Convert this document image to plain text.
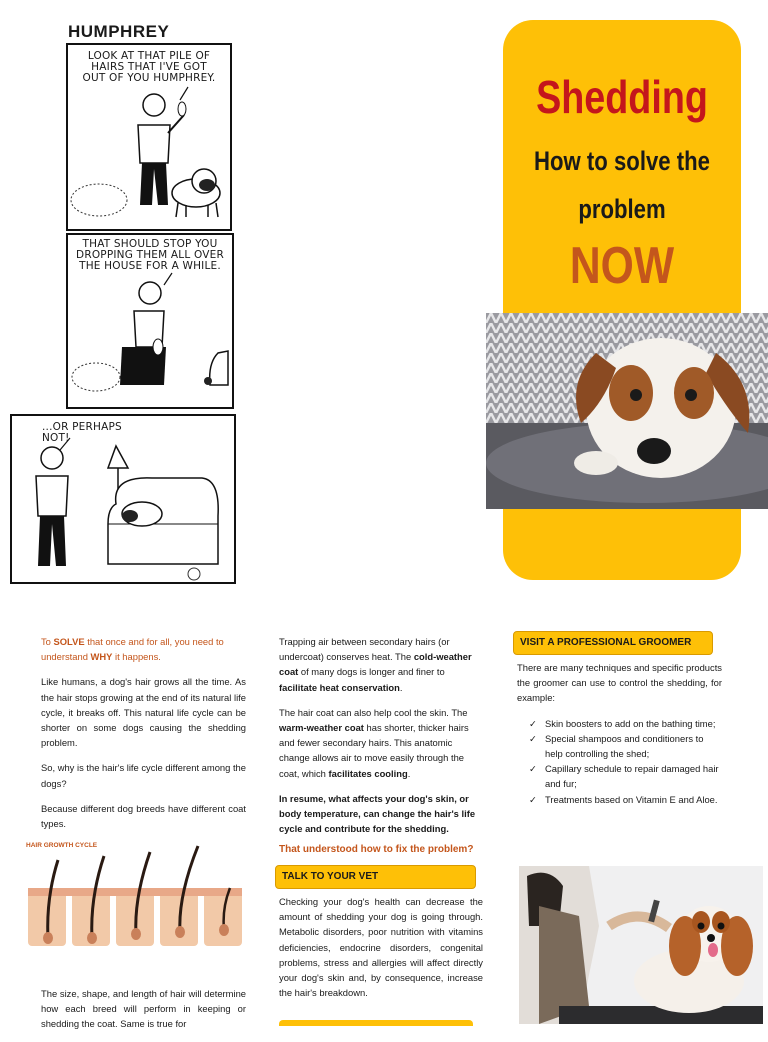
HUMPHREY
LOOK AT THAT PILE OF HAIRS THAT I'VE GOT OUT OF YOU HUMPHREY.
THAT SHOULD STOP YOU DROPPING THEM ALL OVER THE HOUSE FOR A WHILE.
...OR PERHAPS NOT!
Shedding
How to solve the problem
NOW

To SOLVE that once and for all, you need to understand WHY it happens.

Like humans, a dog's hair grows all the time. As the hair stops growing at the end of its natural life cycle, it breaks off. This natural life cycle can be shorter on some dogs causing the shedding problem.

So, why is the hair's life cycle different among the dogs?

Because different dog breeds have different coat types.

HAIR GROWTH CYCLE

The size, shape, and length of hair will determine how each breed will perform in keeping or shedding the coat. Same is true for

Trapping air between secondary hairs (or undercoat) conserves heat. The cold-weather coat of many dogs is longer and finer to facilitate heat conservation.

The hair coat can also help cool the skin. The warm-weather coat has shorter, thicker hairs and fewer secondary hairs. This anatomic change allows air to move easily through the coat, which facilitates cooling.

In resume, what affects your dog's skin, or body temperature, can change the hair's life cycle and contribute for the shedding.

That understood how to fix the problem?
TALK TO YOUR VET

Checking your dog's health can decrease the amount of shedding your dog is going through. Metabolic disorders, poor nutrition with vitamins deficiencies, endocrine disorders, congenital problems, stress and allergies will affect directly your dog's skin and, by consequence, increase the hair's breakdown.

VISIT A PROFESSIONAL GROOMER

There are many techniques and specific products the groomer can use to control the shedding, for example:

✓ Skin boosters to add on the bathing time;
✓ Special shampoos and conditioners to help controlling the shed;
✓ Capillary schedule to repair damaged hair and fur;
✓ Treatments based on Vitamin E and Aloe.
